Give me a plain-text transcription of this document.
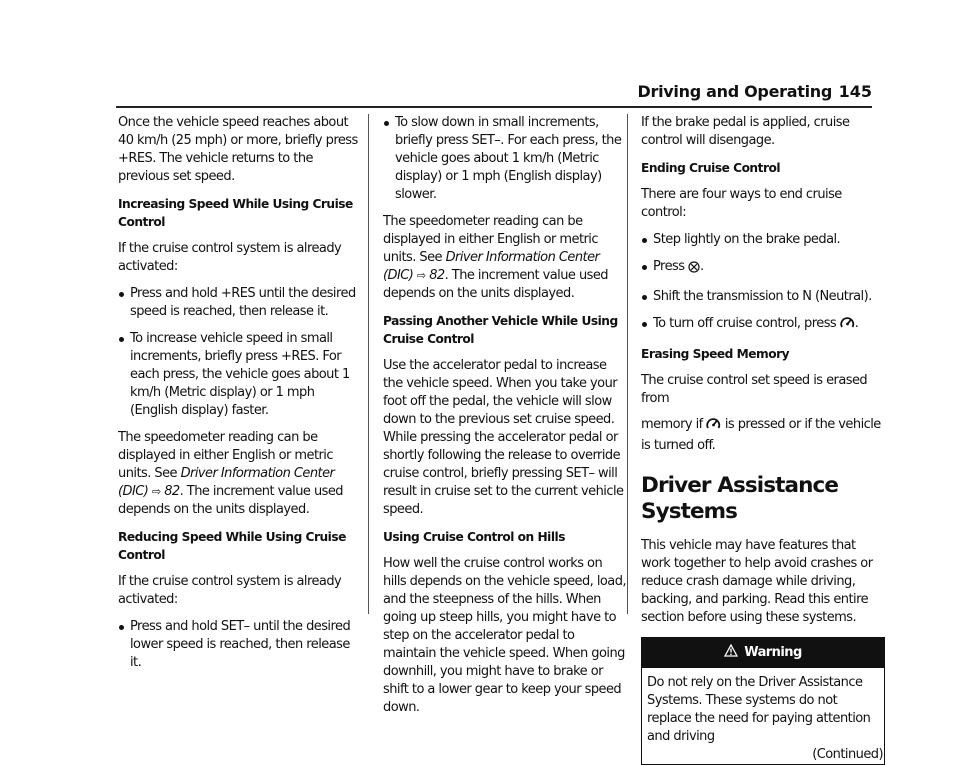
Driving and Operating 145

Once the vehicle speed reaches about 40 km/h (25 mph) or more, briefly press +RES. The vehicle returns to the previous set speed.

Increasing Speed While Using Cruise Control

If the cruise control system is already activated:

Press and hold +RES until the desired speed is reached, then release it.
To increase vehicle speed in small increments, briefly press +RES. For each press, the vehicle goes about 1 km/h (Metric display) or 1 mph (English display) faster.

The speedometer reading can be displayed in either English or metric units. See Driver Information Center (DIC) ⇨ 82. The increment value used depends on the units displayed.

Reducing Speed While Using Cruise Control

If the cruise control system is already activated:

Press and hold SET– until the desired lower speed is reached, then release it.
To slow down in small increments, briefly press SET–. For each press, the vehicle goes about 1 km/h (Metric display) or 1 mph (English display) slower.

The speedometer reading can be displayed in either English or metric units. See Driver Information Center (DIC) ⇨ 82. The increment value used depends on the units displayed.

Passing Another Vehicle While Using Cruise Control

Use the accelerator pedal to increase the vehicle speed. When you take your foot off the pedal, the vehicle will slow down to the previous set cruise speed. While pressing the accelerator pedal or shortly following the release to override cruise control, briefly pressing SET– will result in cruise set to the current vehicle speed.

Using Cruise Control on Hills

How well the cruise control works on hills depends on the vehicle speed, load, and the steepness of the hills. When going up steep hills, you might have to step on the accelerator pedal to maintain the vehicle speed. When going downhill, you might have to brake or shift to a lower gear to keep your speed down.

If the brake pedal is applied, cruise control will disengage.

Ending Cruise Control

There are four ways to end cruise control:

Step lightly on the brake pedal.
Press .
Shift the transmission to N (Neutral).
To turn off cruise control, press .

Erasing Speed Memory

The cruise control set speed is erased from

memory if  is pressed or if the vehicle is turned off.

Driver Assistance Systems

This vehicle may have features that work together to help avoid crashes or reduce crash damage while driving, backing, and parking. Read this entire section before using these systems.

Warning
Do not rely on the Driver Assistance Systems. These systems do not replace the need for paying attention and driving
(Continued)
